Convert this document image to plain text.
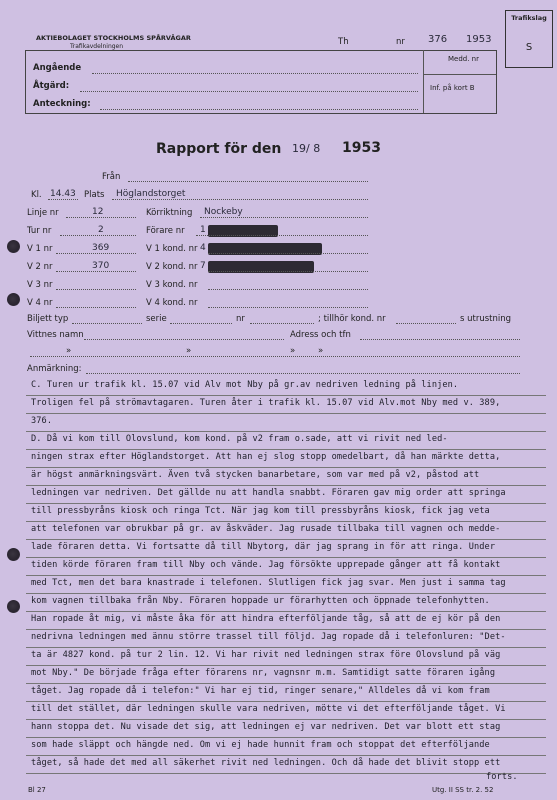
AKTIEBOLAGET STOCKHOLMS SPÅRVÄGAR
Trafikavdelningen	Th	nr 376 1953
Trafikslag
S
Angående
Åtgärd:
Anteckning:
Medd. nr
Inf. på kort B
Rapport för den 19/ 8 1953
Från
Kl. 14.43 Plats Höglandstorget
Linje nr	12	Körriktning Nockeby
Tur nr	2	Förare nr 1
V 1 nr	369	V 1 kond. nr 4
V 2 nr	370	V 2 kond. nr 7
V 3 nr	V 3 kond. nr
V 4 nr	V 4 kond. nr
Biljett typ	serie	nr	; tillhör kond. nr	s utrustning
Vittnes namn	Adress och tfn
»	»	»	»
Anmärkning:
C. Turen ur trafik kl. 15.07 vid Alv mot Nby på gr.av nedriven ledning på linjen.
Troligen fel på strömavtagaren. Turen åter i trafik kl. 15.07 vid Alv.mot Nby med v. 389,
376.
D. Då vi kom till Olovslund, kom kond. på v2 fram o.sade, att vi rivit ned led-
ningen strax efter Höglandstorget. Att han ej slog stopp omedelbart, då han märkte detta,
är högst anmärkningsvärt. Även två stycken banarbetare, som var med på v2, påstod att
ledningen var nedriven. Det gällde nu att handla snabbt. Föraren gav mig order att springa
till pressbyråns kiosk och ringa Tct. När jag kom till pressbyråns kiosk, fick jag veta
att telefonen var obrukbar på gr. av åskväder. Jag rusade tillbaka till vagnen och medde-
lade föraren detta. Vi fortsatte då till Nbytorg, där jag sprang in för att ringa. Under
tiden körde föraren fram till Nby och vände. Jag försökte upprepade gånger att få kontakt
med Tct, men det bara knastrade i telefonen. Slutligen fick jag svar. Men just i samma tag
kom vagnen tillbaka från Nby. Föraren hoppade ur förarhytten och öppnade telefonhytten.
Han ropade åt mig, vi måste åka för att hindra efterföljande tåg, så att de ej kör på den
nedrivna ledningen med ännu större trassel till följd. Jag ropade då i telefonluren: "Det-
ta är 4827 kond. på tur 2 lin. 12. Vi har rivit ned ledningen strax före Olovslund på väg
mot Nby." De började fråga efter förarens nr, vagnsnr m.m. Samtidigt satte föraren igång
tåget. Jag ropade då i telefon:" Vi har ej tid, ringer senare," Alldeles då vi kom fram
till det stället, där ledningen skulle vara nedriven, mötte vi det efterföljande tåget. Vi
hann stoppa det. Nu visade det sig, att ledningen ej var nedriven. Det var blott ett stag
som hade släppt och hängde ned. Om vi ej hade hunnit fram och stoppat det efterföljande
tåget, så hade det med all säkerhet rivit ned ledningen. Och då hade det blivit stopp ett
forts.
Bl 27	Utg. II SS tr. 2. 52
